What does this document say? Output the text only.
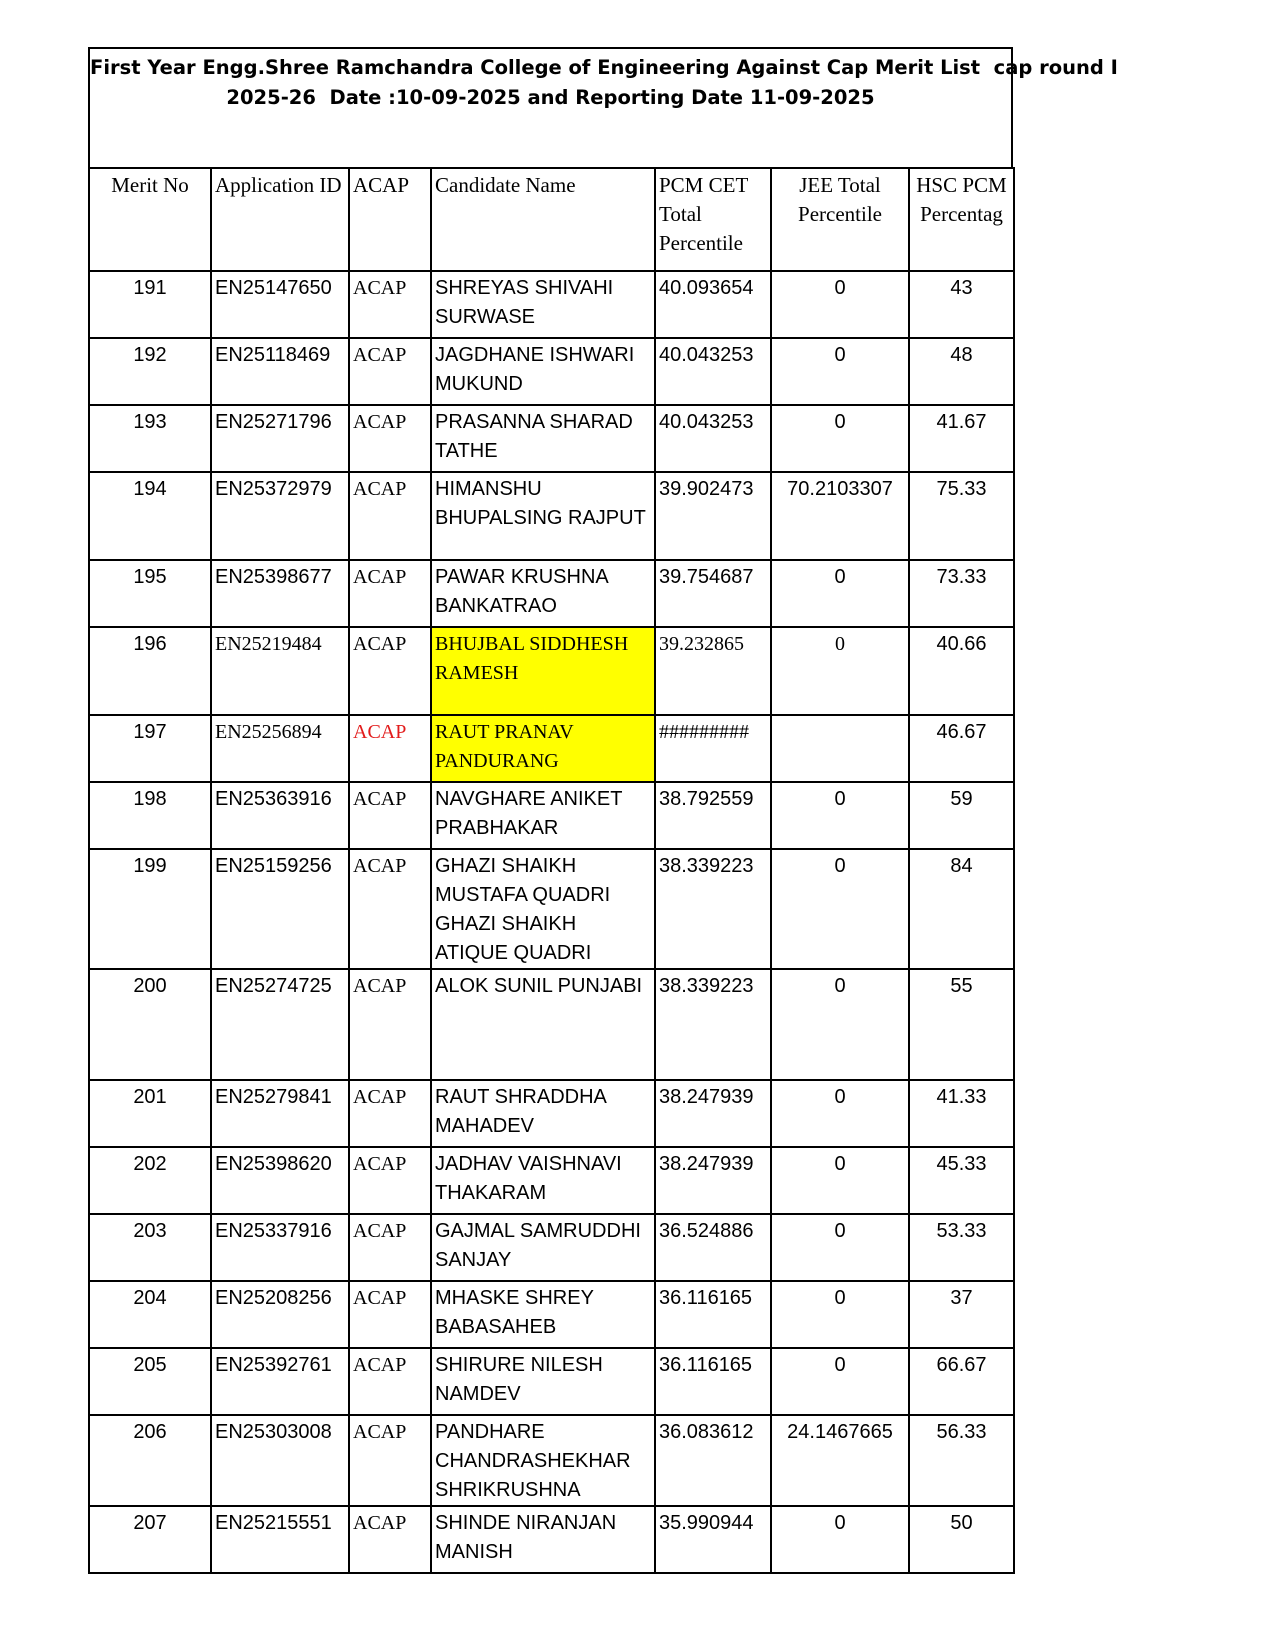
First Year Engg.Shree Ramchandra College of Engineering Against Cap Merit List  cap round I
2025-26  Date :10-09-2025 and Reporting Date 11-09-2025
Merit No	Application ID	ACAP	Candidate Name	PCM CET Total Percentile	JEE Total Percentile	HSC PCM Percentag
191	EN25147650	ACAP	SHREYAS SHIVAHI SURWASE	40.093654	0	43
192	EN25118469	ACAP	JAGDHANE ISHWARI MUKUND	40.043253	0	48
193	EN25271796	ACAP	PRASANNA SHARAD TATHE	40.043253	0	41.67
194	EN25372979	ACAP	HIMANSHU BHUPALSING RAJPUT	39.902473	70.2103307	75.33
195	EN25398677	ACAP	PAWAR KRUSHNA BANKATRAO	39.754687	0	73.33
196	EN25219484	ACAP	BHUJBAL SIDDHESH RAMESH	39.232865	0	40.66
197	EN25256894	ACAP	RAUT PRANAV PANDURANG	#########		46.67
198	EN25363916	ACAP	NAVGHARE ANIKET PRABHAKAR	38.792559	0	59
199	EN25159256	ACAP	GHAZI SHAIKH MUSTAFA QUADRI GHAZI SHAIKH ATIQUE QUADRI	38.339223	0	84
200	EN25274725	ACAP	ALOK SUNIL PUNJABI	38.339223	0	55
201	EN25279841	ACAP	RAUT SHRADDHA MAHADEV	38.247939	0	41.33
202	EN25398620	ACAP	JADHAV VAISHNAVI THAKARAM	38.247939	0	45.33
203	EN25337916	ACAP	GAJMAL SAMRUDDHI SANJAY	36.524886	0	53.33
204	EN25208256	ACAP	MHASKE SHREY BABASAHEB	36.116165	0	37
205	EN25392761	ACAP	SHIRURE NILESH NAMDEV	36.116165	0	66.67
206	EN25303008	ACAP	PANDHARE CHANDRASHEKHAR SHRIKRUSHNA	36.083612	24.1467665	56.33
207	EN25215551	ACAP	SHINDE NIRANJAN MANISH	35.990944	0	50
